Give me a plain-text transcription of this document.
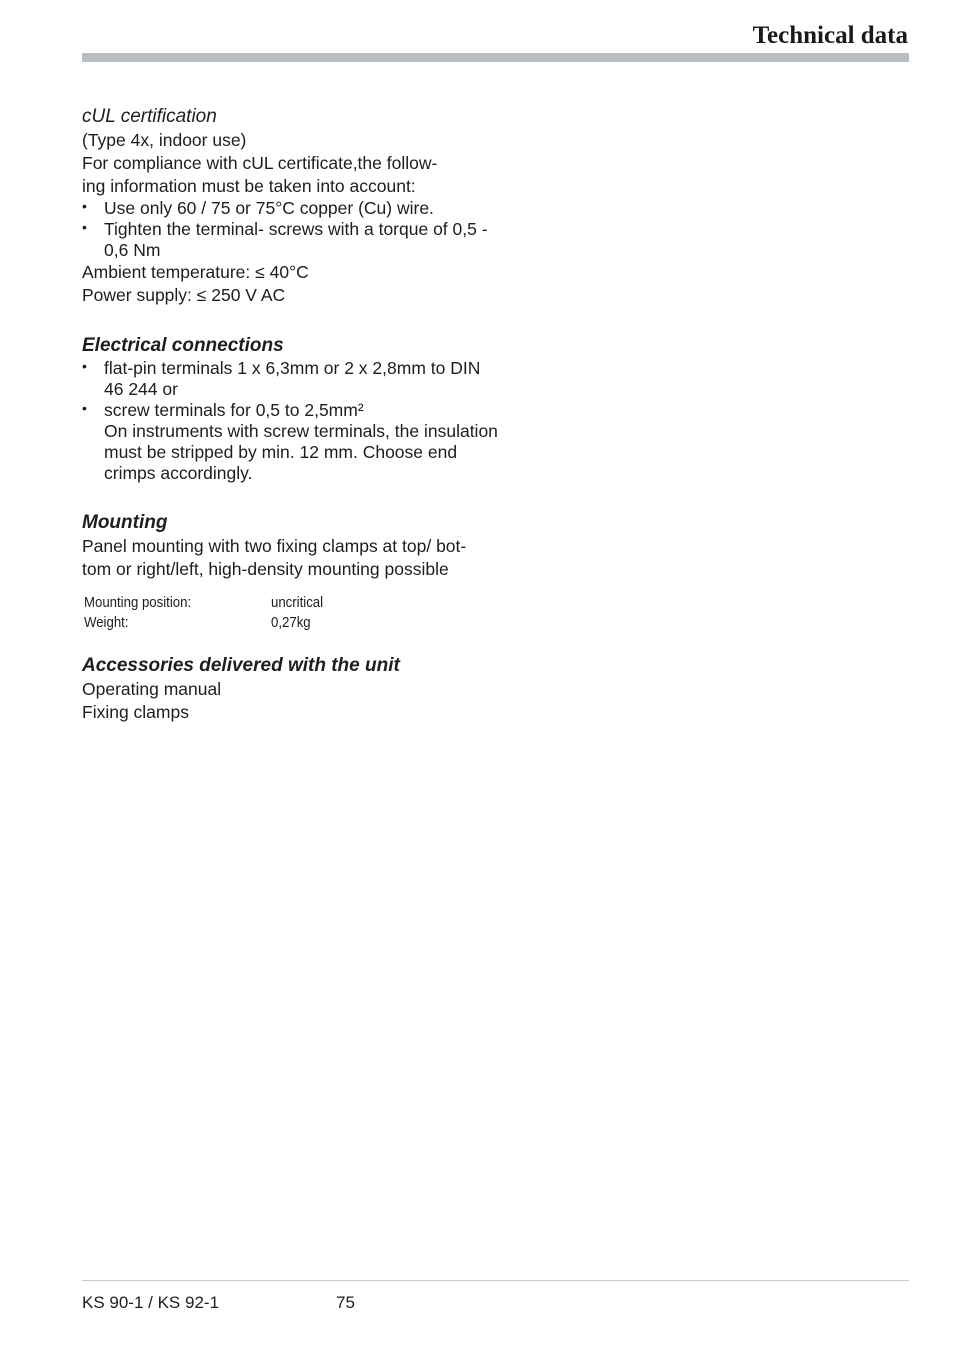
Technical data

cUL certification

(Type 4x, indoor use)

For compliance with cUL certificate,the follow-

ing information must be taken into account:

• Use only 60 / 75 or 75°C copper (Cu) wire.
• Tighten the terminal- screws with a torque of 0,5 - 0,6 Nm

Ambient temperature: ≤ 40°C

Power supply: ≤ 250 V AC

Electrical connections

• flat-pin terminals 1 x 6,3mm or 2 x 2,8mm to DIN 46 244 or
• screw terminals for 0,5 to 2,5mm²
On instruments with screw terminals, the insulation must be stripped by min. 12 mm. Choose end crimps accordingly.

Mounting

Panel mounting with two fixing clamps at top/ bot-

tom or right/left, high-density mounting possible

Mounting position:	uncritical
Weight:	0,27kg

Accessories delivered with the unit

Operating manual

Fixing clamps

KS 90-1 / KS 92-1	75
